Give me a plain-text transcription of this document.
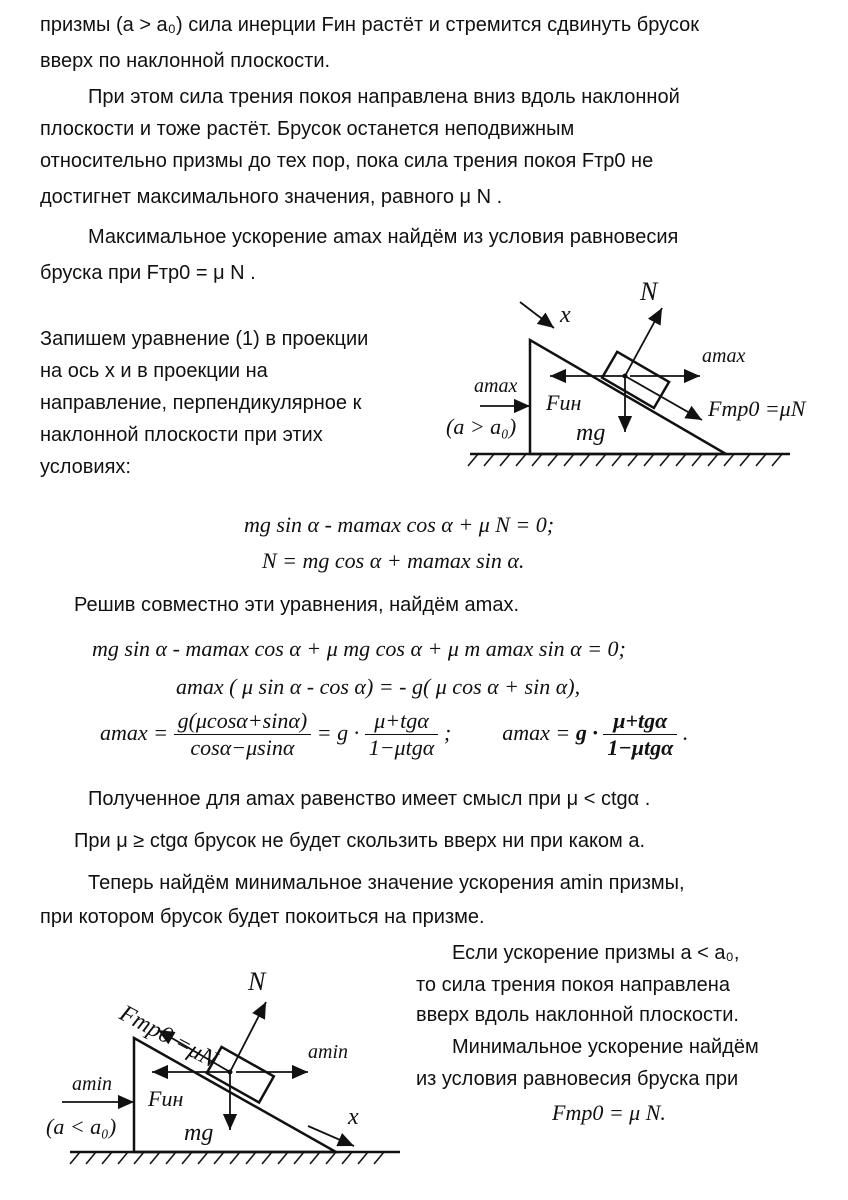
призмы (a > a₀) сила инерции Fин растёт и стремится сдвинуть брусок
вверх по наклонной плоскости.
При этом сила трения покоя направлена вниз вдоль наклонной
плоскости и тоже растёт. Брусок останется неподвижным
относительно призмы до тех пор, пока сила трения покоя Fтр0 не
достигнет максимального значения, равного μ N .
Максимальное ускорение amax найдём из условия равновесия
бруска при Fтр0 = μ N .
Запишем уравнение (1) в проекции
на ось x и в проекции на
направление, перпендикулярное к
наклонной плоскости при этих
условиях:
N
x
amax
amax
Fин	Fтр0 =μN
mg
(a > a₀)
mg sin α - mamax cos α + μ N = 0;
N = mg cos α + mamax sin α.
Решив совместно эти уравнения, найдём amax.
mg sin α - mamax cos α + μ mg cos α + μ m amax sin α = 0;
amax ( μ sin α - cos α) = - g( μ cos α + sin α),
$amax = \frac{g(\mu\cos\alpha+\sin\alpha)}{\cos\alpha-\mu\sin\alpha} = g \cdot \frac{\text{μ+tgα}}{\text{1−μtgα}}$ ; $amax = g \cdot \frac{\text{μ+tgα}}{\text{1−μtgα}}$ .
Полученное для amax равенство имеет смысл при μ < ctgα .
При μ ≥ ctgα брусок не будет скользить вверх ни при каком a.
Теперь найдём минимальное значение ускорения amin призмы,
при котором брусок будет покоиться на призме.
Если ускорение призмы a < a₀,
то сила трения покоя направлена
вверх вдоль наклонной плоскости.
Минимальное ускорение найдём
из условия равновесия бруска при
Fтр0 = μ N.
Fтр0 =μN
N
x
amin
amin
Fин
mg
(a < a₀)
